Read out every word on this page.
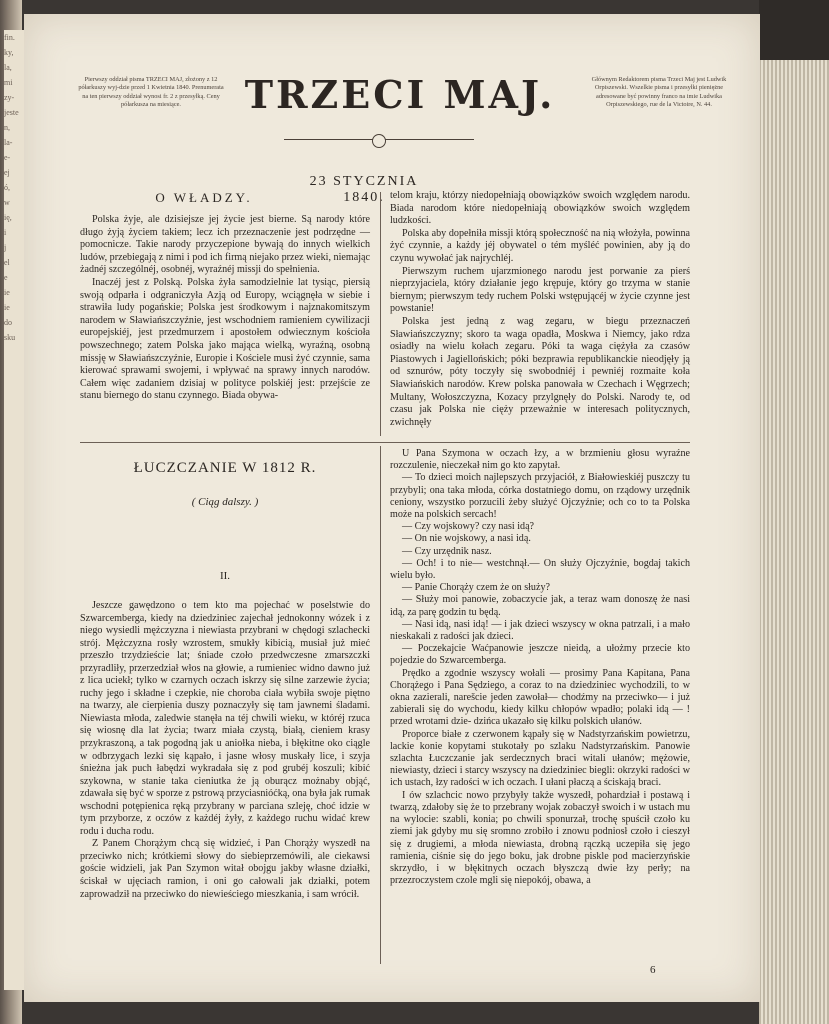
fin.
ky,
la,
mi
zy-
jeste
n,
la-
e-
ej
ó,
w
ię,
i
j
el
e
ie
ie
do
sku
Pierwszy oddział pisma TRZECI MAJ, złożony z 12 półarkuszy wyj-dzie przed 1 Kwietnia 1840. Prenumerata na ten pierwszy oddział wynosi fr. 2 z przesyłką. Ceny półarkusza na miesiące.	TRZECI MAJ.	Głównym Redaktorem pisma Trzeci Maj jest Ludwik Orpiszewski. Wszelkie pisma i przesyłki pieniężne adresowane być powinny franco na imie Ludwika Orpiszewskiego, rue de la Victoire, N. 44.
23 STYCZNIA 1840.
O WŁADZY.

Polska żyje, ale dzisiejsze jej życie jest bierne. Są narody które długo żyją życiem takiem; lecz ich przeznaczenie jest podrzędne — pomocnicze. Takie narody przyczepione bywają do innych wielkich ludów, przebiegają z nimi i pod ich firmą niejako przez wieki, niemając żadnéj szczególnéj, osobnéj, wyraźnéj missji do spełnienia.

Inaczéj jest z Polską. Polska żyła samodzielnie lat tysiąc, piersią swoją odparła i odgraniczyła Azją od Europy, wciągnęła w siebie i strawiła ludy pogańskie; Polska jest środkowym i najznakomitszym narodem w Sławiańszczyźnie, jest wschodniem ramieniem cywilizacji europejskiéj, jest przedmurzem i apostołem odwiecznym kościoła powszechnego; zatem Polska jako mająca wielką, wyraźną, osobną missję w Sławiańszczyźnie, Europie i Kościele musi żyć czynnie, sama kierować sprawami swojemi, i wpływać na sprawy innych narodów. Całem więc zadaniem dzisiaj w polityce polskiéj jest: przejście ze stanu biernego do stanu czynnego. Biada obywa-

telom kraju, którzy niedopełniają obowiązków swoich względem narodu. Biada narodom które niedopełniają obowiązków swoich względem ludzkości.

Polska aby dopełniła missji którą społeczność na nią włożyła, powinna żyć czynnie, a każdy jéj obywatel o tém myśléć powinien, aby ją do czynu wywołać jak najrychléj.

Pierwszym ruchem ujarzmionego narodu jest porwanie za pierś nieprzyjaciela, który działanie jego krępuje, który go trzyma w stanie biernym; pierwszym tedy ruchem Polski wstępującéj w życie czynne jest powstanie!

Polska jest jedną z wag zegaru, w biegu przeznaczeń Sławiańszczyzny; skoro ta waga opadła, Moskwa i Niemcy, jako rdza osiadły na wielu kołach zegaru. Póki ta waga ciężyła za czasów Piastowych i Jagiellońskich; póki bezprawia republikanckie nieodjęły ją od sznurów, póty toczyły się swobodniéj i pewniéj rozmaite koła Sławiańskich narodów. Krew polska panowała w Czechach i Węgrzech; Multany, Wołoszczyzna, Kozacy przylgnęły do Polski. Narody te, od czasu jak Polska nie cięży przeważnie w interesach politycznych, zwichnęły

ŁUCZCZANIE W 1812 R.
( Ciąg dalszy. )
II.

Jeszcze gawędzono o tem kto ma pojechać w poselstwie do Szwarcemberga, kiedy na dziedziniec zajechał jednokonny wózek i z niego wysiedli mężczyzna i niewiasta przybrani w chędogi szlachecki strój. Mężczyzna rosły wzrostem, smukły kibicią, musiał już mieć przeszło trzydzieście lat; śniade czoło przedwczesne zmarszczki przyradliły, przerzedział włos na głowie, a rumieniec widno dawno już z lica uciekł; tylko w czarnych oczach iskrzy się silne zarzewie życia; ruchy jego i składne i czepkie, nie choroba ciała wybiła swoje piętno na twarzy, ale cierpienia duszy poznaczyły się tam jawnemi śladami. Niewiasta młoda, zaledwie stanęła na téj chwili wieku, w któréj rzuca się wiosnę dla lat życia; twarz miała czystą, białą, cieniem krasy przykraszoną, a tak pogodną jak u aniołka nieba, i błękitne oko ciągle w odbrzygach lezki się kąpało, i jasne włosy muskały lice, i szyja śnieżna jak puch łabędzi wykradała się z pod grubéj koszuli; kibić szykowna, w stanie taka cieniutka że ją oburącz możnaby objąć, zdawała się być w sporze z pstrową przyciasnióćką, ona była jak rumak wschodni potępienica ręką przybrany w parciana szleję, choć idzie w tym przyborze, z oczów z każdéj żyły, z każdego ruchu widać krew rodu i ducha rodu.

Z Panem Chorążym chcą się widzieć, i Pan Chorąży wyszedł na przeciwko nich; krótkiemi słowy do siebieprzemówili, ale ciekawsi goście widzieli, jak Pan Szymon witał obojgu jakby własne działki, ściskał w ujęciach ramion, i oni go całowali jak działki, potem zaprowadził na przeciwko do niewieściego mieszkania, i sam wrócił.

U Pana Szymona w oczach łzy, a w brzmieniu głosu wyraźne rozczulenie, nieczekał nim go kto zapytał.

— To dzieci moich najlepszych przyjaciół, z Białowieskiéj puszczy tu przybyli; ona taka młoda, córka dostatniego domu, on rządowy urzędnik ceniony, wszystko porzucili żeby służyć Ojczyźnie; och co to ta Polska może na polskich sercach!

— Czy wojskowy? czy nasi idą?

— On nie wojskowy, a nasi idą.

— Czy urzędnik nasz.

— Och! i to nie— westchnął.— On służy Ojczyźnie, bogdaj takich wielu było.

— Panie Chorąży czem że on służy?

— Służy moi panowie, zobaczycie jak, a teraz wam donoszę że nasi idą, za parę godzin tu będą.

— Nasi idą, nasi idą! — i jak dzieci wszyscy w okna patrzali, i a mało nieskakali z radości jak dzieci.

— Poczekajcie Waćpanowie jeszcze nieidą, a ułożmy przecie kto pojedzie do Szwarcemberga.

Prędko a zgodnie wszyscy wołali — prosimy Pana Kapitana, Pana Chorążego i Pana Sędziego, a coraz to na dziedziniec wychodzili, to w okna zazierali, narešcie jeden zawołał— chodźmy na przeciwko— i już zabierali się do wychodu, kiedy kilku chłopów wpadło; polaki idą — ! przed wrotami dzie- dzińca ukazało się kilku polskich ułanów.

Proporce białe z czerwonem kąpały się w Nadstyrzańskim powietrzu, lackie konie kopytami stukotały po szlaku Nadstyrzańskim. Panowie szlachta Łuczczanie jak serdecznych braci witali ułanów; mężowie, niewiasty, dzieci i starcy wszyscy na dziedziniec biegli: okrzyki radości w ich ustach, łzy radości w ich oczach. I ułani płaczą a ściskają braci.

I ów szlachcic nowo przybyły także wyszedł, pohardział i postawą i twarzą, zdałoby się że to przebrany wojak zobaczył swoich i w ustach mu na wylocie: szabli, konia; po chwili sponurzał, trochę spuścił czoło ku ziemi jak gdyby mu się sromno zrobiło i znowu podniosł czoło i cieszył się z drugiemi, a młoda niewiasta, drobną rączką uczepiła się jego ramienia, ciśnie się do jego boku, jak drobne piskle pod macierzyńskie skrzydło, i w błękitnych oczach błyszczą dwie łzy perły; na przezroczystem czole mgli się niepokój, obawa, a

6
